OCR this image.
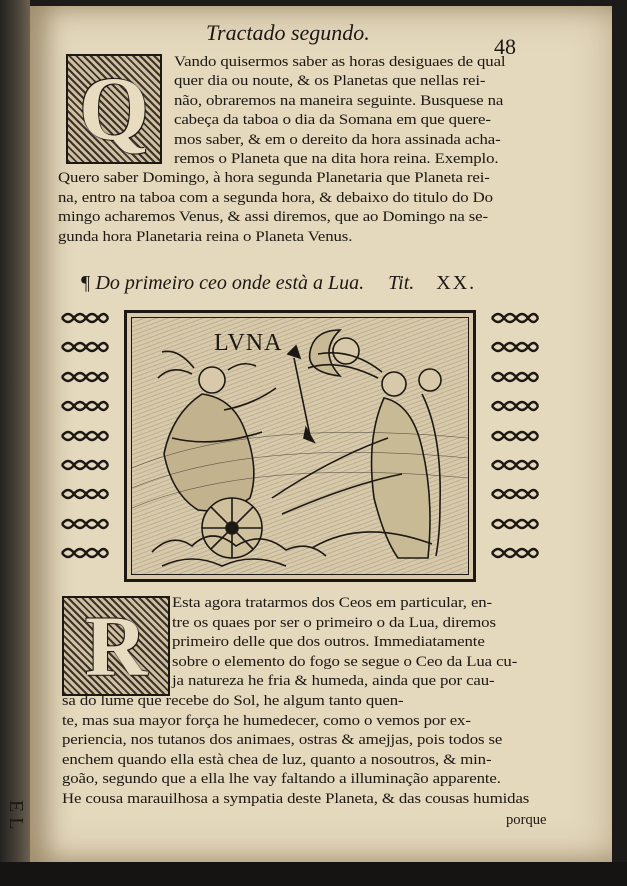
E L
Tractado segundo.
48
Q	Vando quisermos saber as horas desiguaes de qual
quer dia ou noute, & os Planetas que nellas rei-
não, obraremos na maneira seguinte. Busquese na
cabeça da taboa o dia da Somana em que quere-
mos saber, & em o dereito da hora assinada acha-
remos o Planeta que na dita hora reina. Exemplo.
Quero saber Domingo, à hora segunda Planetaria que Planeta rei-
na, entro na taboa com a segunda hora, & debaixo do titulo do Do
mingo acharemos Venus, & assi diremos, que ao Domingo na se-
gunda hora Planetaria reina o Planeta Venus.
¶ Do primeiro ceo onde està a Lua. Tit. XX.
LVNA
R	Esta agora tratarmos dos Ceos em particular, en-
tre os quaes por ser o primeiro o da Lua, diremos
primeiro delle que dos outros. Immediatamente
sobre o elemento do fogo se segue o Ceo da Lua cu-
ja natureza he fria & humeda, ainda que por cau-
sa do lume que recebe do Sol, he algum tanto quen-
te, mas sua mayor força he humedecer, como o vemos por ex-
periencia, nos tutanos dos animaes, ostras & amejjas, pois todos se
enchem quando ella està chea de luz, quanto a nosoutros, & min-
goão, segundo que a ella lhe vay faltando a illuminação apparente.
He cousa marauilhosa a sympatia deste Planeta, & das cousas humidas
porque
